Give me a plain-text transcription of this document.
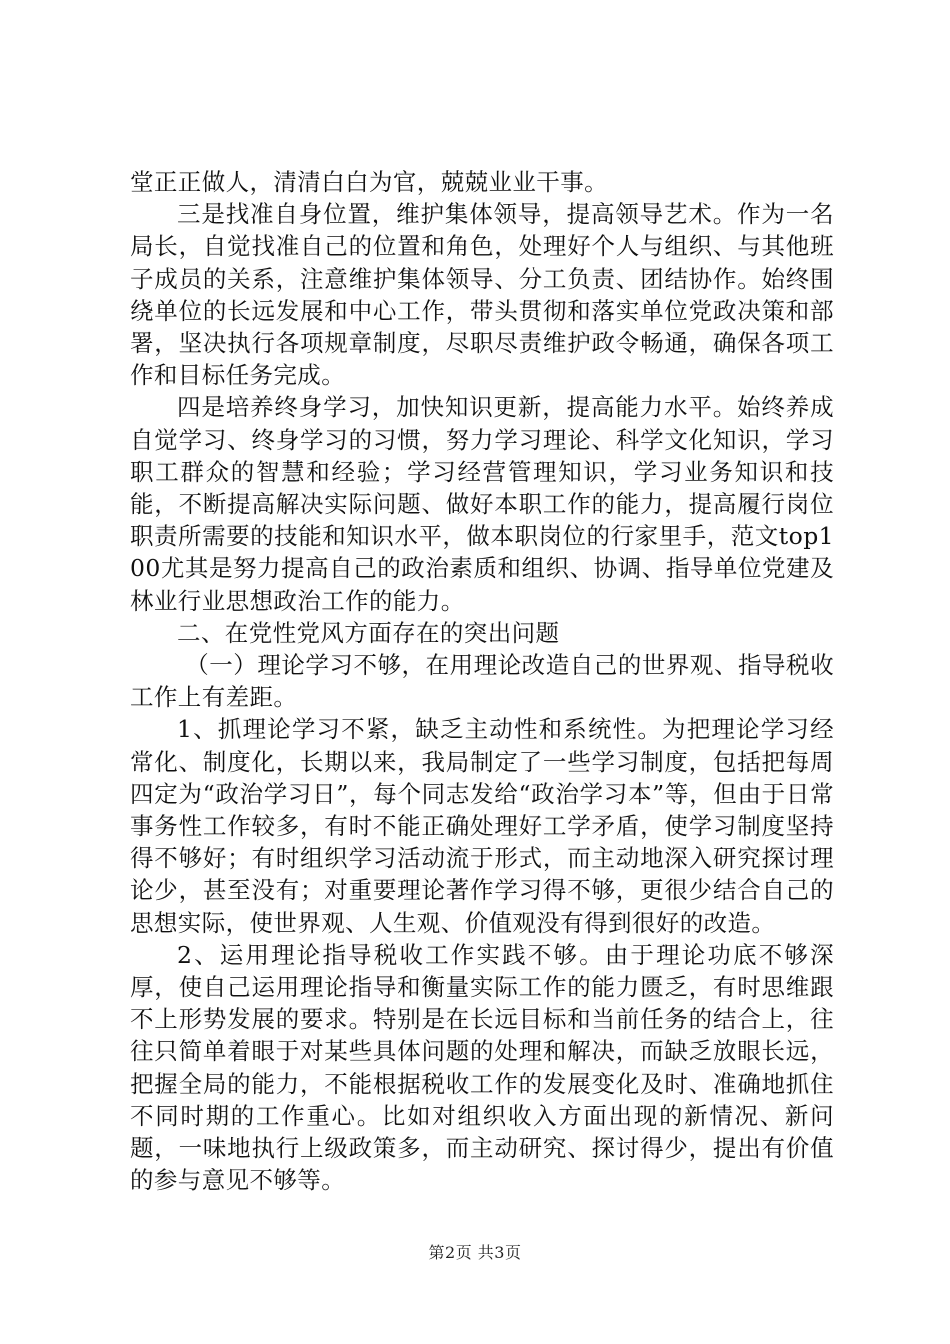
堂正正做人，清清白白为官，兢兢业业干事。

三是找准自身位置，维护集体领导，提高领导艺术。作为一名局长，自觉找准自己的位置和角色，处理好个人与组织、与其他班子成员的关系，注意维护集体领导、分工负责、团结协作。始终围绕单位的长远发展和中心工作，带头贯彻和落实单位党政决策和部署，坚决执行各项规章制度，尽职尽责维护政令畅通，确保各项工作和目标任务完成。

四是培养终身学习，加快知识更新，提高能力水平。始终养成自觉学习、终身学习的习惯，努力学习理论、科学文化知识，学习职工群众的智慧和经验；学习经营管理知识，学习业务知识和技能，不断提高解决实际问题、做好本职工作的能力，提高履行岗位职责所需要的技能和知识水平，做本职岗位的行家里手，范文top100尤其是努力提高自己的政治素质和组织、协调、指导单位党建及林业行业思想政治工作的能力。

二、在党性党风方面存在的突出问题

（一）理论学习不够，在用理论改造自己的世界观、指导税收工作上有差距。

1、抓理论学习不紧，缺乏主动性和系统性。为把理论学习经常化、制度化，长期以来，我局制定了一些学习制度，包括把每周四定为“政治学习日”，每个同志发给“政治学习本”等，但由于日常事务性工作较多，有时不能正确处理好工学矛盾，使学习制度坚持得不够好；有时组织学习活动流于形式，而主动地深入研究探讨理论少，甚至没有；对重要理论著作学习得不够，更很少结合自己的思想实际，使世界观、人生观、价值观没有得到很好的改造。

2、运用理论指导税收工作实践不够。由于理论功底不够深厚，使自己运用理论指导和衡量实际工作的能力匮乏，有时思维跟不上形势发展的要求。特别是在长远目标和当前任务的结合上，往往只简单着眼于对某些具体问题的处理和解决，而缺乏放眼长远，把握全局的能力，不能根据税收工作的发展变化及时、准确地抓住不同时期的工作重心。比如对组织收入方面出现的新情况、新问题，一味地执行上级政策多，而主动研究、探讨得少，提出有价值的参与意见不够等。

第2页 共3页
